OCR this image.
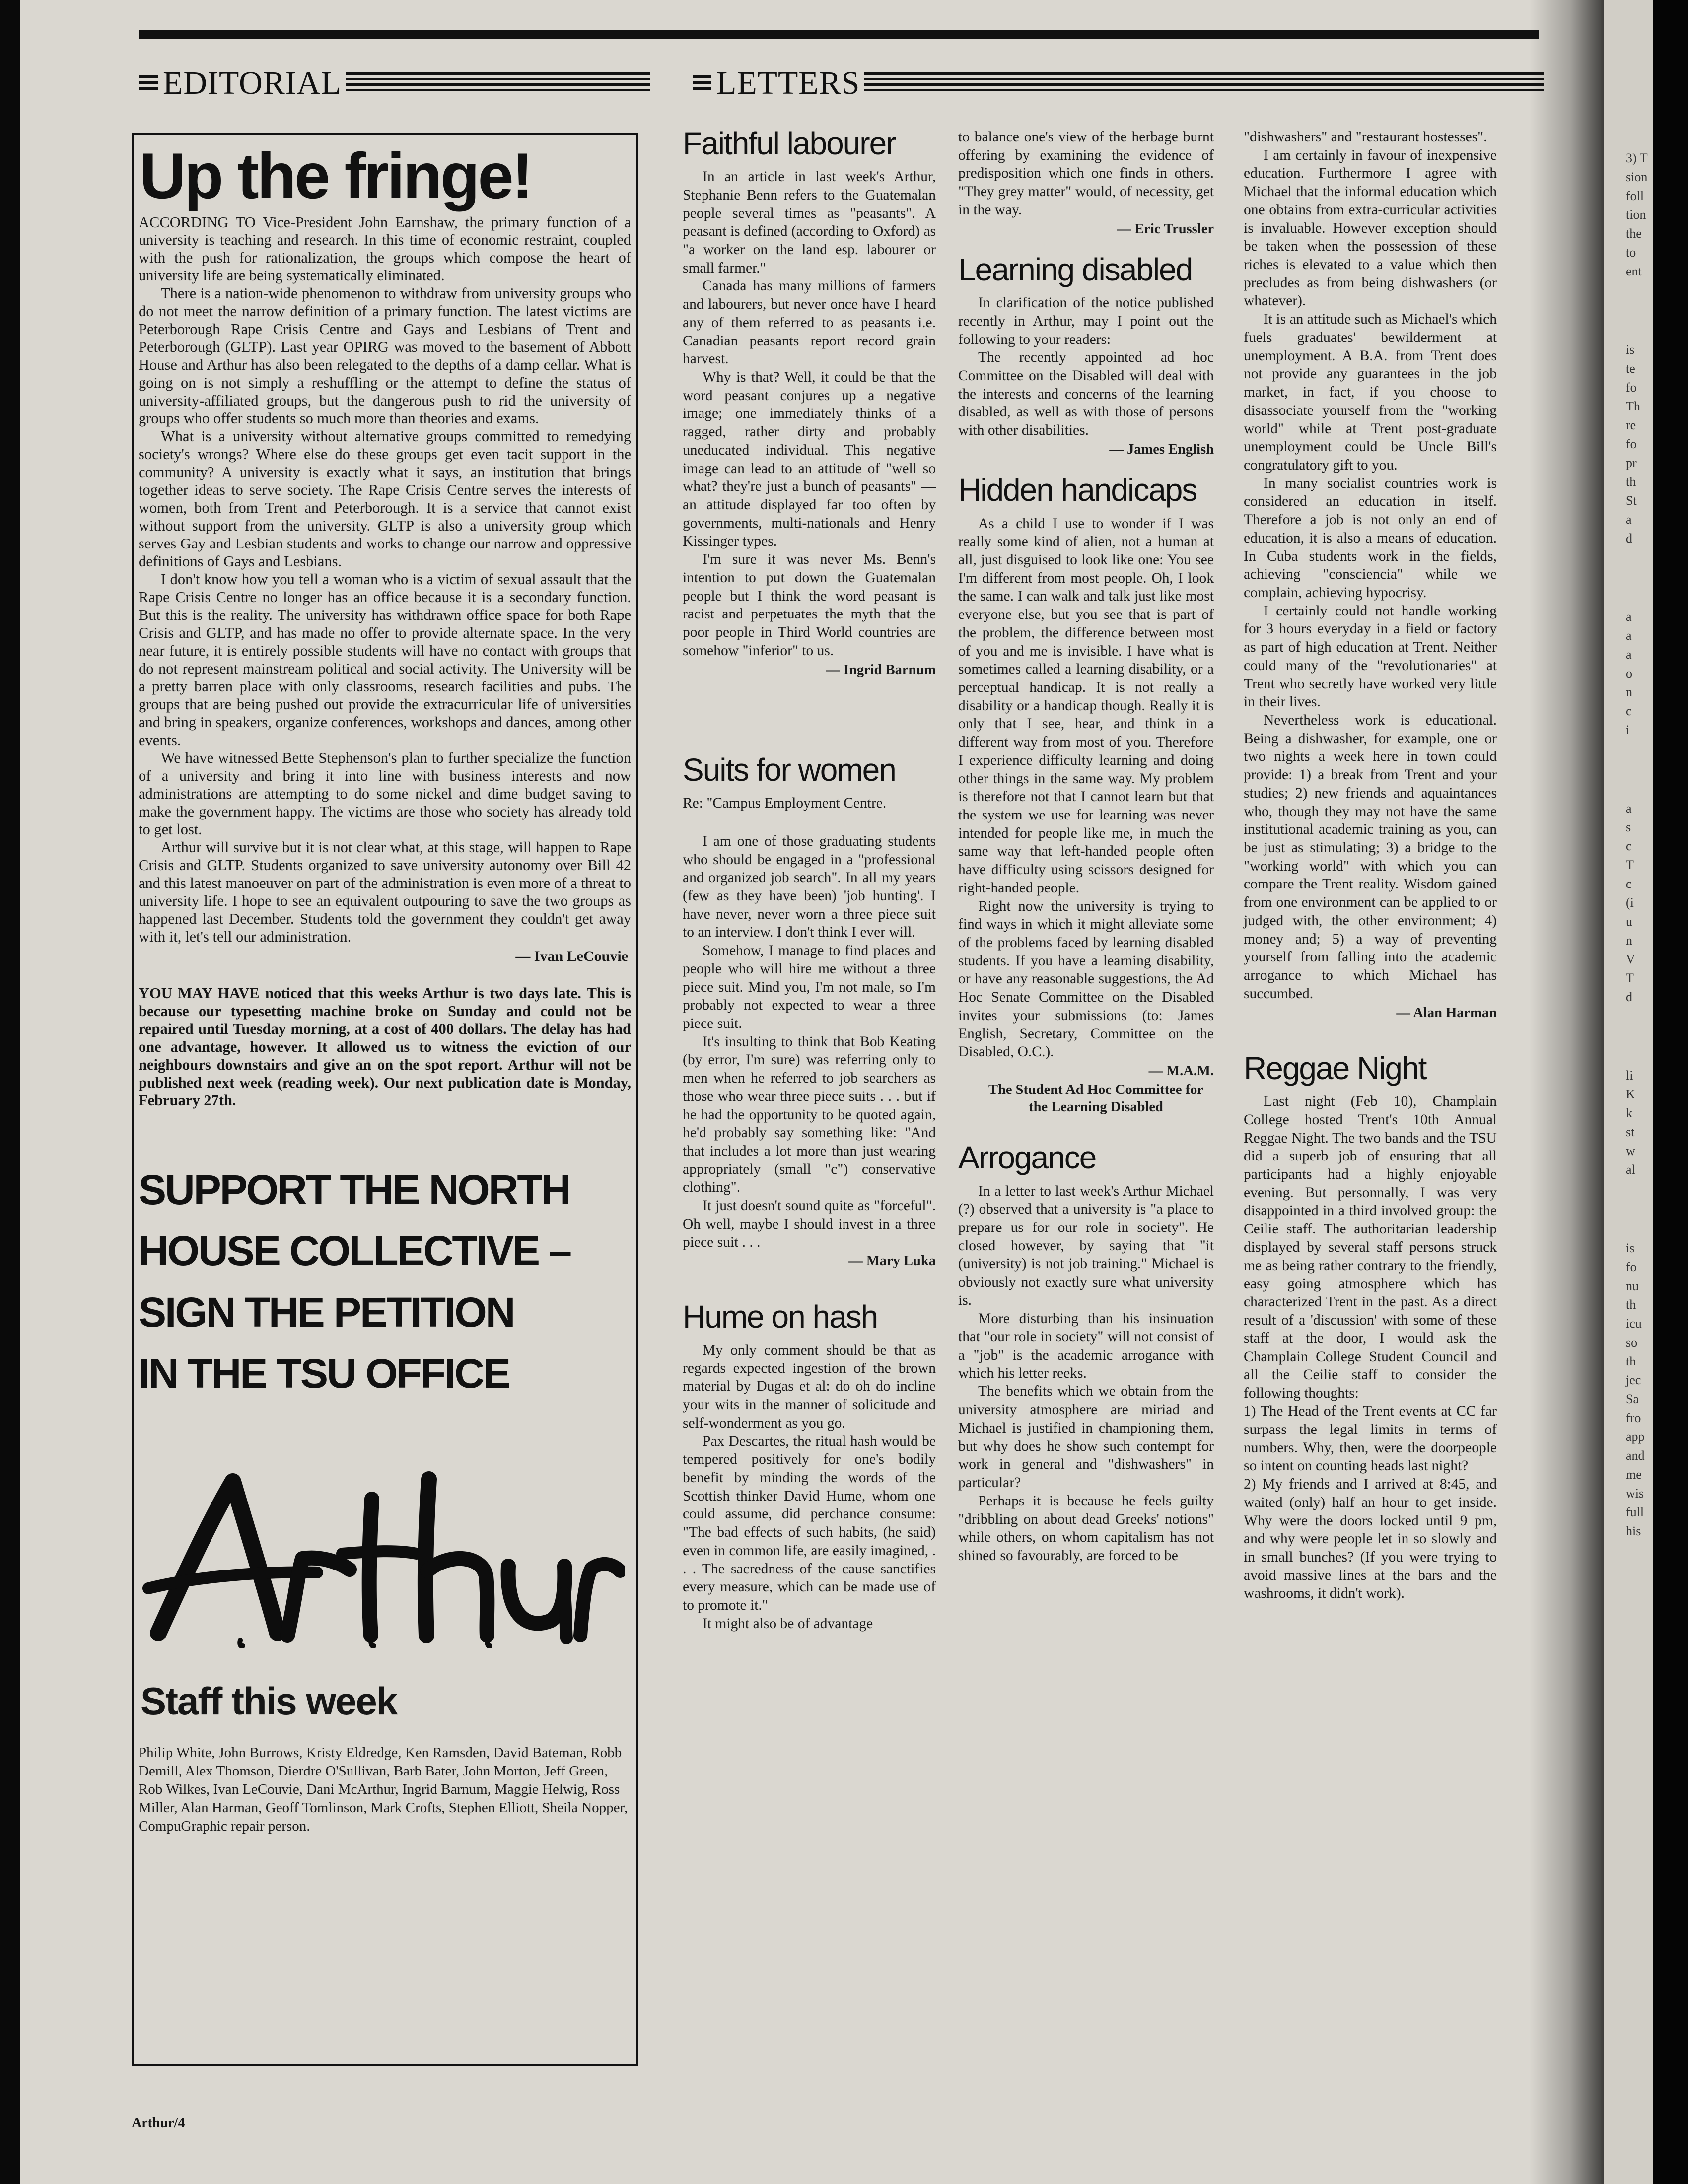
3) T
sion
foll
tion
the
to
ent
is
te
fo
Th
re
fo
pr
th
St
a
d
a
a
a
o
n
c
i
a
s
c
T
c
(i
u
n
V
T
d
li
K
k
st
w
al
is
fo
nu
th
icu
so
th
jec
Sa
fro
app
and
me
wis
full
his
EDITORIAL	LETTERS
Up the fringe!

ACCORDING TO Vice-President John Earnshaw, the primary function of a university is teaching and research. In this time of economic restraint, coupled with the push for rationalization, the groups which compose the heart of university life are being systematically eliminated.

There is a nation-wide phenomenon to withdraw from university groups who do not meet the narrow definition of a primary function. The latest victims are Peterborough Rape Crisis Centre and Gays and Lesbians of Trent and Peterborough (GLTP). Last year OPIRG was moved to the basement of Abbott House and Arthur has also been relegated to the depths of a damp cellar. What is going on is not simply a reshuffling or the attempt to define the status of university-affiliated groups, but the dangerous push to rid the university of groups who offer students so much more than theories and exams.

What is a university without alternative groups committed to remedying society's wrongs? Where else do these groups get even tacit support in the community? A university is exactly what it says, an institution that brings together ideas to serve society. The Rape Crisis Centre serves the interests of women, both from Trent and Peterborough. It is a service that cannot exist without support from the university. GLTP is also a university group which serves Gay and Lesbian students and works to change our narrow and oppressive definitions of Gays and Lesbians.

I don't know how you tell a woman who is a victim of sexual assault that the Rape Crisis Centre no longer has an office because it is a secondary function. But this is the reality. The university has withdrawn office space for both Rape Crisis and GLTP, and has made no offer to provide alternate space. In the very near future, it is entirely possible students will have no contact with groups that do not represent mainstream political and social activity. The University will be a pretty barren place with only classrooms, research facilities and pubs. The groups that are being pushed out provide the extracurricular life of universities and bring in speakers, organize conferences, workshops and dances, among other events.

We have witnessed Bette Stephenson's plan to further specialize the function of a university and bring it into line with business interests and now administrations are attempting to do some nickel and dime budget saving to make the government happy. The victims are those who society has already told to get lost.

Arthur will survive but it is not clear what, at this stage, will happen to Rape Crisis and GLTP. Students organized to save university autonomy over Bill 42 and this latest manoeuver on part of the administration is even more of a threat to university life. I hope to see an equivalent outpouring to save the two groups as happened last December. Students told the government they couldn't get away with it, let's tell our administration.

— Ivan LeCouvie
YOU MAY HAVE noticed that this weeks Arthur is two days late. This is because our typesetting machine broke on Sunday and could not be repaired until Tuesday morning, at a cost of 400 dollars. The delay has had one advantage, however. It allowed us to witness the eviction of our neighbours downstairs and give an on the spot report. Arthur will not be published next week (reading week). Our next publication date is Monday, February 27th.
SUPPORT THE NORTH
HOUSE COLLECTIVE –
SIGN THE PETITION
IN THE TSU OFFICE
Staff this week
Philip White, John Burrows, Kristy Eldredge, Ken Ramsden, David Bateman, Robb Demill, Alex Thomson, Dierdre O'Sullivan, Barb Bater, John Morton, Jeff Green, Rob Wilkes, Ivan LeCouvie, Dani McArthur, Ingrid Barnum, Maggie Helwig, Ross Miller, Alan Harman, Geoff Tomlinson, Mark Crofts, Stephen Elliott, Sheila Nopper, CompuGraphic repair person.
Faithful labourer

In an article in last week's Arthur, Stephanie Benn refers to the Guatemalan people several times as "peasants". A peasant is defined (according to Oxford) as "a worker on the land esp. labourer or small farmer."

Canada has many millions of farmers and labourers, but never once have I heard any of them referred to as peasants i.e. Canadian peasants report record grain harvest.

Why is that? Well, it could be that the word peasant conjures up a negative image; one immediately thinks of a ragged, rather dirty and probably uneducated individual. This negative image can lead to an attitude of "well so what? they're just a bunch of peasants" — an attitude displayed far too often by governments, multi-nationals and Henry Kissinger types.

I'm sure it was never Ms. Benn's intention to put down the Guatemalan people but I think the word peasant is racist and perpetuates the myth that the poor people in Third World countries are somehow "inferior" to us.

— Ingrid Barnum
Suits for women

Re: "Campus Employment Centre.

I am one of those graduating students who should be engaged in a "professional and organized job search". In all my years (few as they have been) 'job hunting'. I have never, never worn a three piece suit to an interview. I don't think I ever will.

Somehow, I manage to find places and people who will hire me without a three piece suit. Mind you, I'm not male, so I'm probably not expected to wear a three piece suit.

It's insulting to think that Bob Keating (by error, I'm sure) was referring only to men when he referred to job searchers as those who wear three piece suits . . . but if he had the opportunity to be quoted again, he'd probably say something like: "And that includes a lot more than just wearing appropriately (small "c") conservative clothing".

It just doesn't sound quite as "forceful". Oh well, maybe I should invest in a three piece suit . . .

— Mary Luka
Hume on hash

My only comment should be that as regards expected ingestion of the brown material by Dugas et al: do oh do incline your wits in the manner of solicitude and self-wonderment as you go.

Pax Descartes, the ritual hash would be tempered positively for one's bodily benefit by minding the words of the Scottish thinker David Hume, whom one could assume, did perchance consume: "The bad effects of such habits, (he said) even in common life, are easily imagined, . . . The sacredness of the cause sanctifies every measure, which can be made use of to promote it."

It might also be of advantage

to balance one's view of the herbage burnt offering by examining the evidence of predisposition which one finds in others. "They grey matter" would, of necessity, get in the way.

— Eric Trussler
Learning disabled

In clarification of the notice published recently in Arthur, may I point out the following to your readers:

The recently appointed ad hoc Committee on the Disabled will deal with the interests and concerns of the learning disabled, as well as with those of persons with other disabilities.

— James English
Hidden handicaps

As a child I use to wonder if I was really some kind of alien, not a human at all, just disguised to look like one: You see I'm different from most people. Oh, I look the same. I can walk and talk just like most everyone else, but you see that is part of the problem, the difference between most of you and me is invisible. I have what is sometimes called a learning disability, or a perceptual handicap. It is not really a disability or a handicap though. Really it is only that I see, hear, and think in a different way from most of you. Therefore I experience difficulty learning and doing other things in the same way. My problem is therefore not that I cannot learn but that the system we use for learning was never intended for people like me, in much the same way that left-handed people often have difficulty using scissors designed for right-handed people.

Right now the university is trying to find ways in which it might alleviate some of the problems faced by learning disabled students. If you have a learning disability, or have any reasonable suggestions, the Ad Hoc Senate Committee on the Disabled invites your submissions (to: James English, Secretary, Committee on the Disabled, O.C.).

— M.A.M.
The Student Ad Hoc Committee for the Learning Disabled
Arrogance

In a letter to last week's Arthur Michael (?) observed that a university is "a place to prepare us for our role in society". He closed however, by saying that "it (university) is not job training." Michael is obviously not exactly sure what university is.

More disturbing than his insinuation that "our role in society" will not consist of a "job" is the academic arrogance with which his letter reeks.

The benefits which we obtain from the university atmosphere are miriad and Michael is justified in championing them, but why does he show such contempt for work in general and "dishwashers" in particular?

Perhaps it is because he feels guilty "dribbling on about dead Greeks' notions" while others, on whom capitalism has not shined so favourably, are forced to be

"dishwashers" and "restaurant hostesses".

I am certainly in favour of inexpensive education. Furthermore I agree with Michael that the informal education which one obtains from extra-curricular activities is invaluable. However exception should be taken when the possession of these riches is elevated to a value which then precludes as from being dishwashers (or whatever).

It is an attitude such as Michael's which fuels graduates' bewilderment at unemployment. A B.A. from Trent does not provide any guarantees in the job market, in fact, if you choose to disassociate yourself from the "working world" while at Trent post-graduate unemployment could be Uncle Bill's congratulatory gift to you.

In many socialist countries work is considered an education in itself. Therefore a job is not only an end of education, it is also a means of education. In Cuba students work in the fields, achieving "consciencia" while we complain, achieving hypocrisy.

I certainly could not handle working for 3 hours everyday in a field or factory as part of high education at Trent. Neither could many of the "revolutionaries" at Trent who secretly have worked very little in their lives.

Nevertheless work is educational. Being a dishwasher, for example, one or two nights a week here in town could provide: 1) a break from Trent and your studies; 2) new friends and aquaintances who, though they may not have the same institutional academic training as you, can be just as stimulating; 3) a bridge to the "working world" with which you can compare the Trent reality. Wisdom gained from one environment can be applied to or judged with, the other environment; 4) money and; 5) a way of preventing yourself from falling into the academic arrogance to which Michael has succumbed.

— Alan Harman
Reggae Night

Last night (Feb 10), Champlain College hosted Trent's 10th Annual Reggae Night. The two bands and the TSU did a superb job of ensuring that all participants had a highly enjoyable evening. But personnally, I was very disappointed in a third involved group: the Ceilie staff. The authoritarian leadership displayed by several staff persons struck me as being rather contrary to the friendly, easy going atmosphere which has characterized Trent in the past. As a direct result of a 'discussion' with some of these staff at the door, I would ask the Champlain College Student Council and all the Ceilie staff to consider the following thoughts:

1) The Head of the Trent events at CC far surpass the legal limits in terms of numbers. Why, then, were the doorpeople so intent on counting heads last night?

2) My friends and I arrived at 8:45, and waited (only) half an hour to get inside. Why were the doors locked until 9 pm, and why were people let in so slowly and in small bunches? (If you were trying to avoid massive lines at the bars and the washrooms, it didn't work).

Arthur/4
